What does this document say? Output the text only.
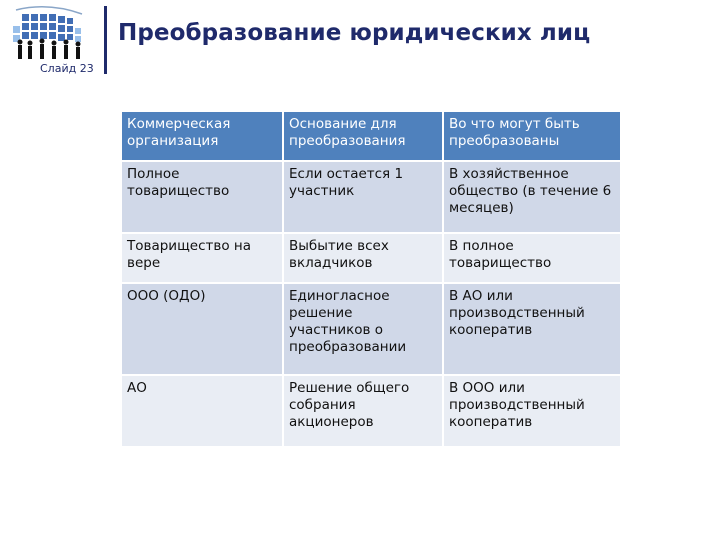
Слайд 23
Преобразование юридических лиц
Коммерческая организация	Основание для преобразования	Во что могут быть преобразованы
Полное товарищество	Если остается 1 участник	В хозяйственное общество (в течение 6 месяцев)
Товарищество на вере	Выбытие всех вкладчиков	В полное товарищество
ООО (ОДО)	Единогласное решение участников о преобразовании	В АО или производственный кооператив
АО	Решение общего собрания акционеров	В ООО или производственный кооператив
